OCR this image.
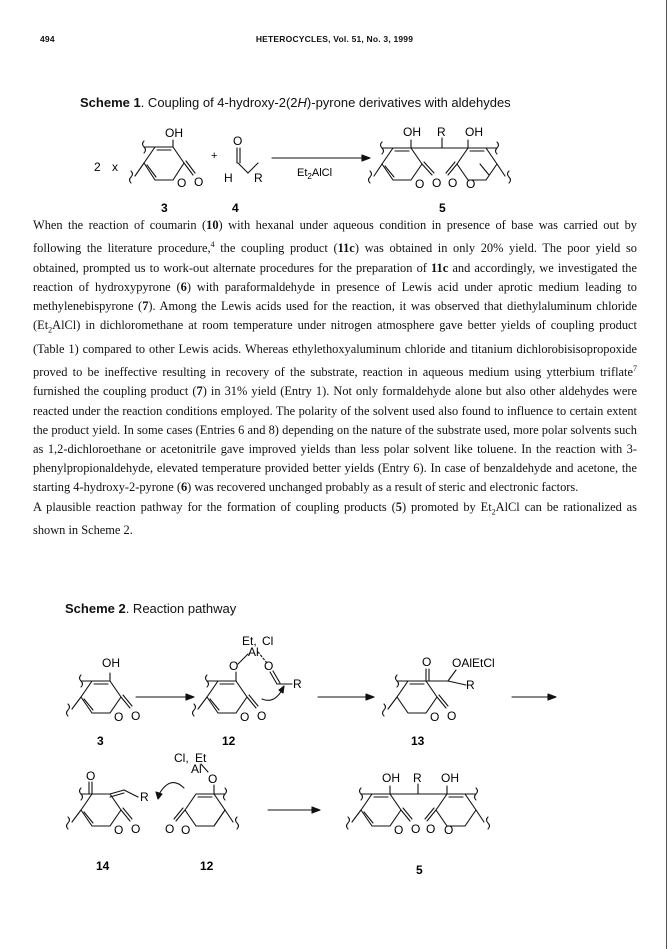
494	HETEROCYCLES, Vol. 51, No. 3, 1999
Scheme 1. Coupling of 4-hydroxy-2(2H)-pyrone derivatives with aldehydes
OH
O O
2 x
+
O
H R	$Et_2AlCl$
OH R OH
O O O O
3	4	5

When the reaction of coumarin (10) with hexanal under aqueous condition in presence of base was carried out by following the literature procedure,$^4$ the coupling product (11c) was obtained in only 20% yield. The poor yield so obtained, prompted us to work-out alternate procedures for the preparation of 11c and accordingly, we investigated the reaction of hydroxypyrone (6) with paraformaldehyde in presence of Lewis acid under aprotic medium leading to methylenebispyrone (7). Among the Lewis acids used for the reaction, it was observed that diethylaluminum chloride $(Et_2AlCl)$ in dichloromethane at room temperature under nitrogen atmosphere gave better yields of coupling product (Table 1) compared to other Lewis acids. Whereas ethylethoxyaluminum chloride and titanium dichlorobisisopropoxide proved to be ineffective resulting in recovery of the substrate, reaction in aqueous medium using ytterbium triflate$^7$ furnished the coupling product (7) in 31% yield (Entry 1). Not only formaldehyde alone but also other aldehydes were reacted under the reaction conditions employed. The polarity of the solvent used also found to influence to certain extent the product yield. In some cases (Entries 6 and 8) depending on the nature of the substrate used, more polar solvents such as 1,2-dichloroethane or acetonitrile gave improved yields than less polar solvent like toluene. In the reaction with 3-phenylpropionaldehyde, elevated temperature provided better yields (Entry 6). In case of benzaldehyde and acetone, the starting 4-hydroxy-2-pyrone (6) was recovered unchanged probably as a result of steric and electronic factors.

A plausible reaction pathway for the formation of coupling products (5) promoted by $Et_2AlCl$ can be rationalized as shown in Scheme 2.

Scheme 2. Reaction pathway
OH
O O
3
Et, Cl
Al
O O
R
O O
12
O OAlEtCl
R
O O
13
O
R
O O
14
Cl, Et
Al
O
O O
12
OH R OH
O O O O
5
